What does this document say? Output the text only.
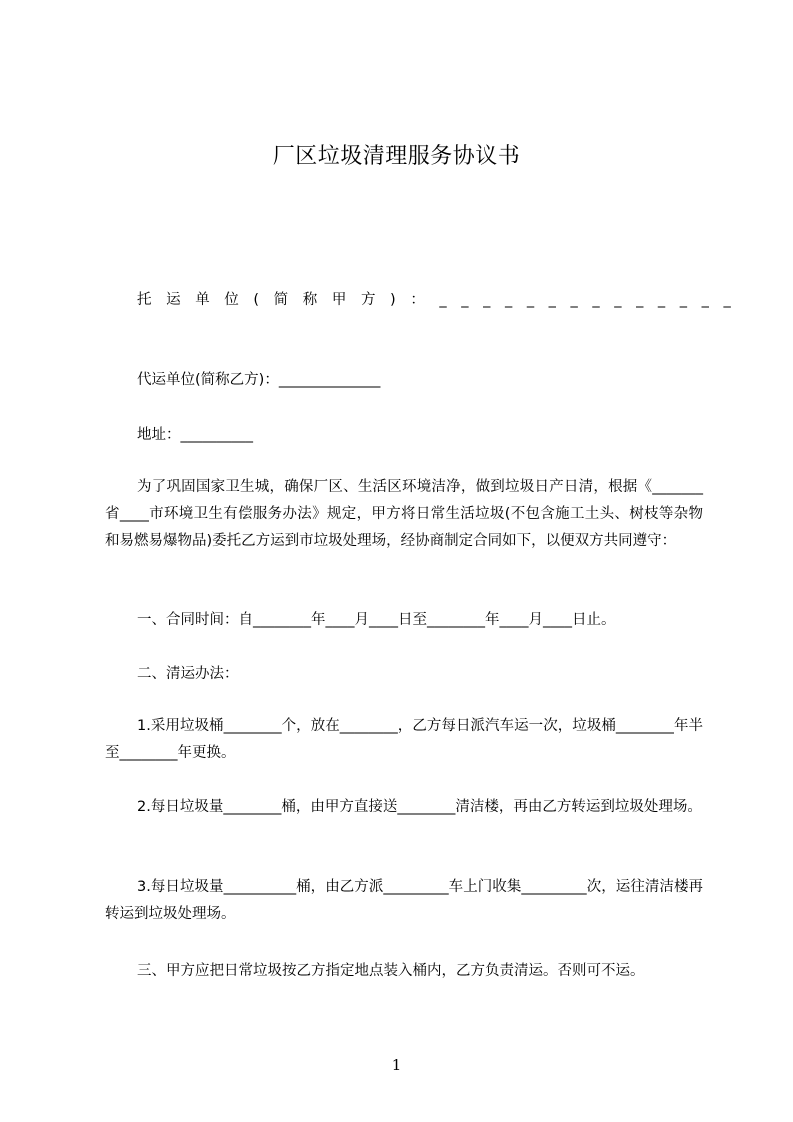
厂区垃圾清理服务协议书
托运单位(简称甲方)：______________
代运单位(简称乙方)：______________
地址：__________
为了巩固国家卫生城，确保厂区、生活区环境洁净，做到垃圾日产日清，根据《_______省____市环境卫生有偿服务办法》规定，甲方将日常生活垃圾(不包含施工土头、树枝等杂物和易燃易爆物品)委托乙方运到市垃圾处理场，经协商制定合同如下，以便双方共同遵守：
一、合同时间：自________年____月____日至________年____月____日止。
二、清运办法：
1.采用垃圾桶________个，放在________，乙方每日派汽车运一次，垃圾桶________年半至________年更换。
2.每日垃圾量________桶，由甲方直接送________清洁楼，再由乙方转运到垃圾处理场。
3.每日垃圾量__________桶，由乙方派_________车上门收集_________次，运往清洁楼再转运到垃圾处理场。
三、甲方应把日常垃圾按乙方指定地点装入桶内，乙方负责清运。否则可不运。
1
